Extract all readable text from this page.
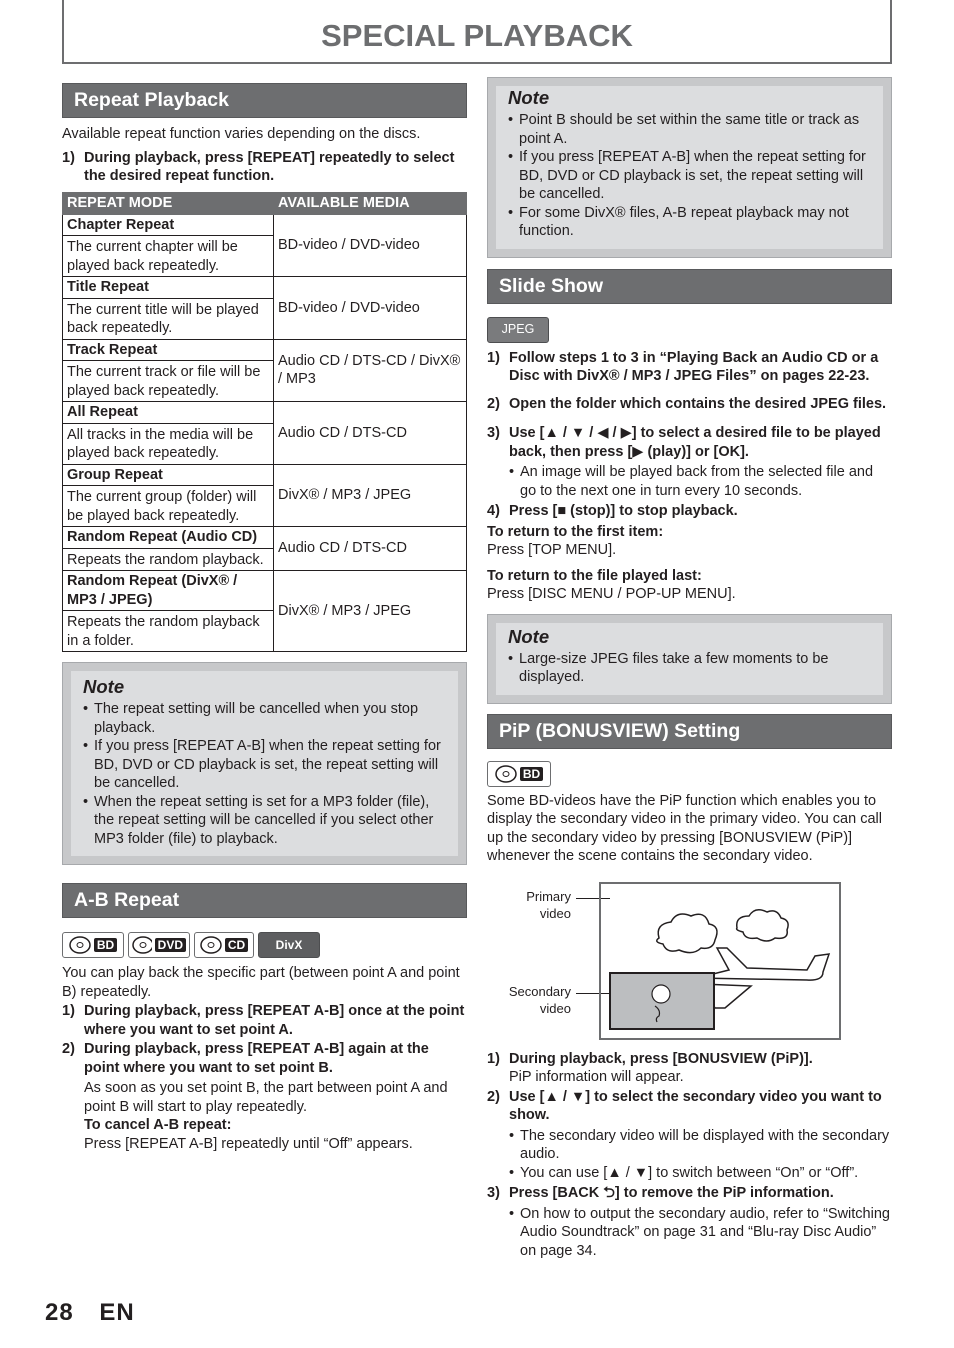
SPECIAL PLAYBACK
Repeat Playback

Available repeat function varies depending on the discs.

1) During playback, press [REPEAT] repeatedly to select the desired repeat function.
REPEAT MODE	AVAILABLE MEDIA

Chapter Repeat
The current chapter will be played back repeatedly.	BD-video / DVD-video

Title Repeat
The current title will be played back repeatedly.	BD-video / DVD-video

Track Repeat
The current track or file will be played back repeatedly.	Audio CD / DTS-CD / DivX® / MP3

All Repeat
All tracks in the media will be played back repeatedly.	Audio CD / DTS-CD

Group Repeat
The current group (folder) will be played back repeatedly.	DivX® / MP3 / JPEG

Random Repeat (Audio CD)
Repeats the random playback.	Audio CD / DTS-CD

Random Repeat (DivX® / MP3 / JPEG)
Repeats the random playback in a folder.	DivX® / MP3 / JPEG
Note
• The repeat setting will be cancelled when you stop playback.
• If you press [REPEAT A-B] when the repeat setting for BD, DVD or CD playback is set, the repeat setting will be cancelled.
• When the repeat setting is set for a MP3 folder (file), the repeat setting will be cancelled if you select other MP3 folder (file) to playback.
A-B Repeat
BD	DVD	CD	DivX

You can play back the specific part (between point A and point B) repeatedly.

1) During playback, press [REPEAT A-B] once at the point where you want to set point A.
2) During playback, press [REPEAT A-B] again at the point where you want to set point B.
As soon as you set point B, the part between point A and point B will start to play repeatedly.
To cancel A-B repeat:
Press [REPEAT A-B] repeatedly until “Off” appears.
Note
• Point B should be set within the same title or track as point A.
• If you press [REPEAT A-B] when the repeat setting for BD, DVD or CD playback is set, the repeat setting will be cancelled.
• For some DivX® files, A-B repeat playback may not function.
Slide Show
JPEG
1) Follow steps 1 to 3 in “Playing Back an Audio CD or a Disc with DivX® / MP3 / JPEG Files” on pages 22-23.
2) Open the folder which contains the desired JPEG files.
3) Use [▲ / ▼ / ◀ / ▶] to select a desired file to be played back, then press [▶ (play)] or [OK].
• An image will be played back from the selected file and go to the next one in turn every 10 seconds.
4) Press [■ (stop)] to stop playback.
To return to the first item:
Press [TOP MENU].
To return to the file played last:
Press [DISC MENU / POP-UP MENU].
Note
• Large-size JPEG files take a few moments to be displayed.
PiP (BONUSVIEW) Setting
BD

Some BD-videos have the PiP function which enables you to display the secondary video in the primary video. You can call up the secondary video by pressing [BONUSVIEW (PiP)] whenever the scene contains the secondary video.

Primary
video
Secondary
video
1) During playback, press [BONUSVIEW (PiP)].
PiP information will appear.
2) Use [▲ / ▼] to select the secondary video you want to show.
• The secondary video will be displayed with the secondary audio.
• You can use [▲ / ▼] to switch between “On” or “Off”.
3) Press [BACK ⮌] to remove the PiP information.
• On how to output the secondary audio, refer to “Switching Audio Soundtrack” on page 31 and “Blu-ray Disc Audio” on page 34.
28 EN
